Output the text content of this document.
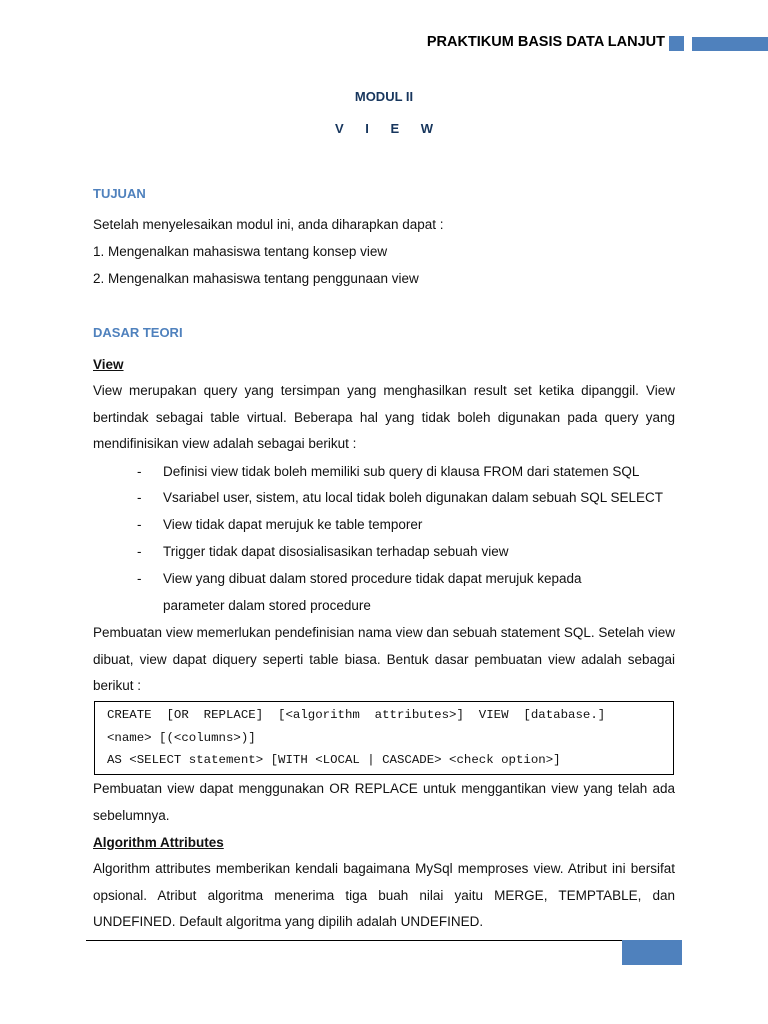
PRAKTIKUM BASIS DATA LANJUT
MODUL II
V I E W
TUJUAN
Setelah menyelesaikan modul ini, anda diharapkan dapat :
1. Mengenalkan mahasiswa tentang konsep view
2. Mengenalkan mahasiswa tentang penggunaan view
DASAR TEORI
View
View merupakan query yang tersimpan yang menghasilkan result set ketika dipanggil. View bertindak sebagai table virtual. Beberapa hal yang tidak boleh digunakan pada query yang mendifinisikan view adalah sebagai berikut :
- Definisi view tidak boleh memiliki sub query di klausa FROM dari statemen SQL
- Vsariabel user, sistem, atu local tidak boleh digunakan dalam sebuah SQL SELECT
- View tidak dapat merujuk ke table temporer
- Trigger tidak dapat disosialisasikan terhadap sebuah view
- View yang dibuat dalam stored procedure tidak dapat merujuk kepada
parameter dalam stored procedure
Pembuatan view memerlukan pendefinisian nama view dan sebuah statement SQL. Setelah view dibuat, view dapat diquery seperti table biasa. Bentuk dasar pembuatan view adalah sebagai berikut :
CREATE  [OR  REPLACE]  [<algorithm  attributes>]  VIEW  [database.]
<name> [(<columns>)]
AS <SELECT statement> [WITH <LOCAL | CASCADE> <check option>]
Pembuatan view dapat menggunakan OR REPLACE untuk menggantikan view yang telah ada sebelumnya.
Algorithm Attributes
Algorithm attributes memberikan kendali bagaimana MySql memproses view. Atribut ini bersifat opsional. Atribut algoritma menerima tiga buah nilai yaitu MERGE, TEMPTABLE, dan UNDEFINED. Default algoritma yang dipilih adalah UNDEFINED.
